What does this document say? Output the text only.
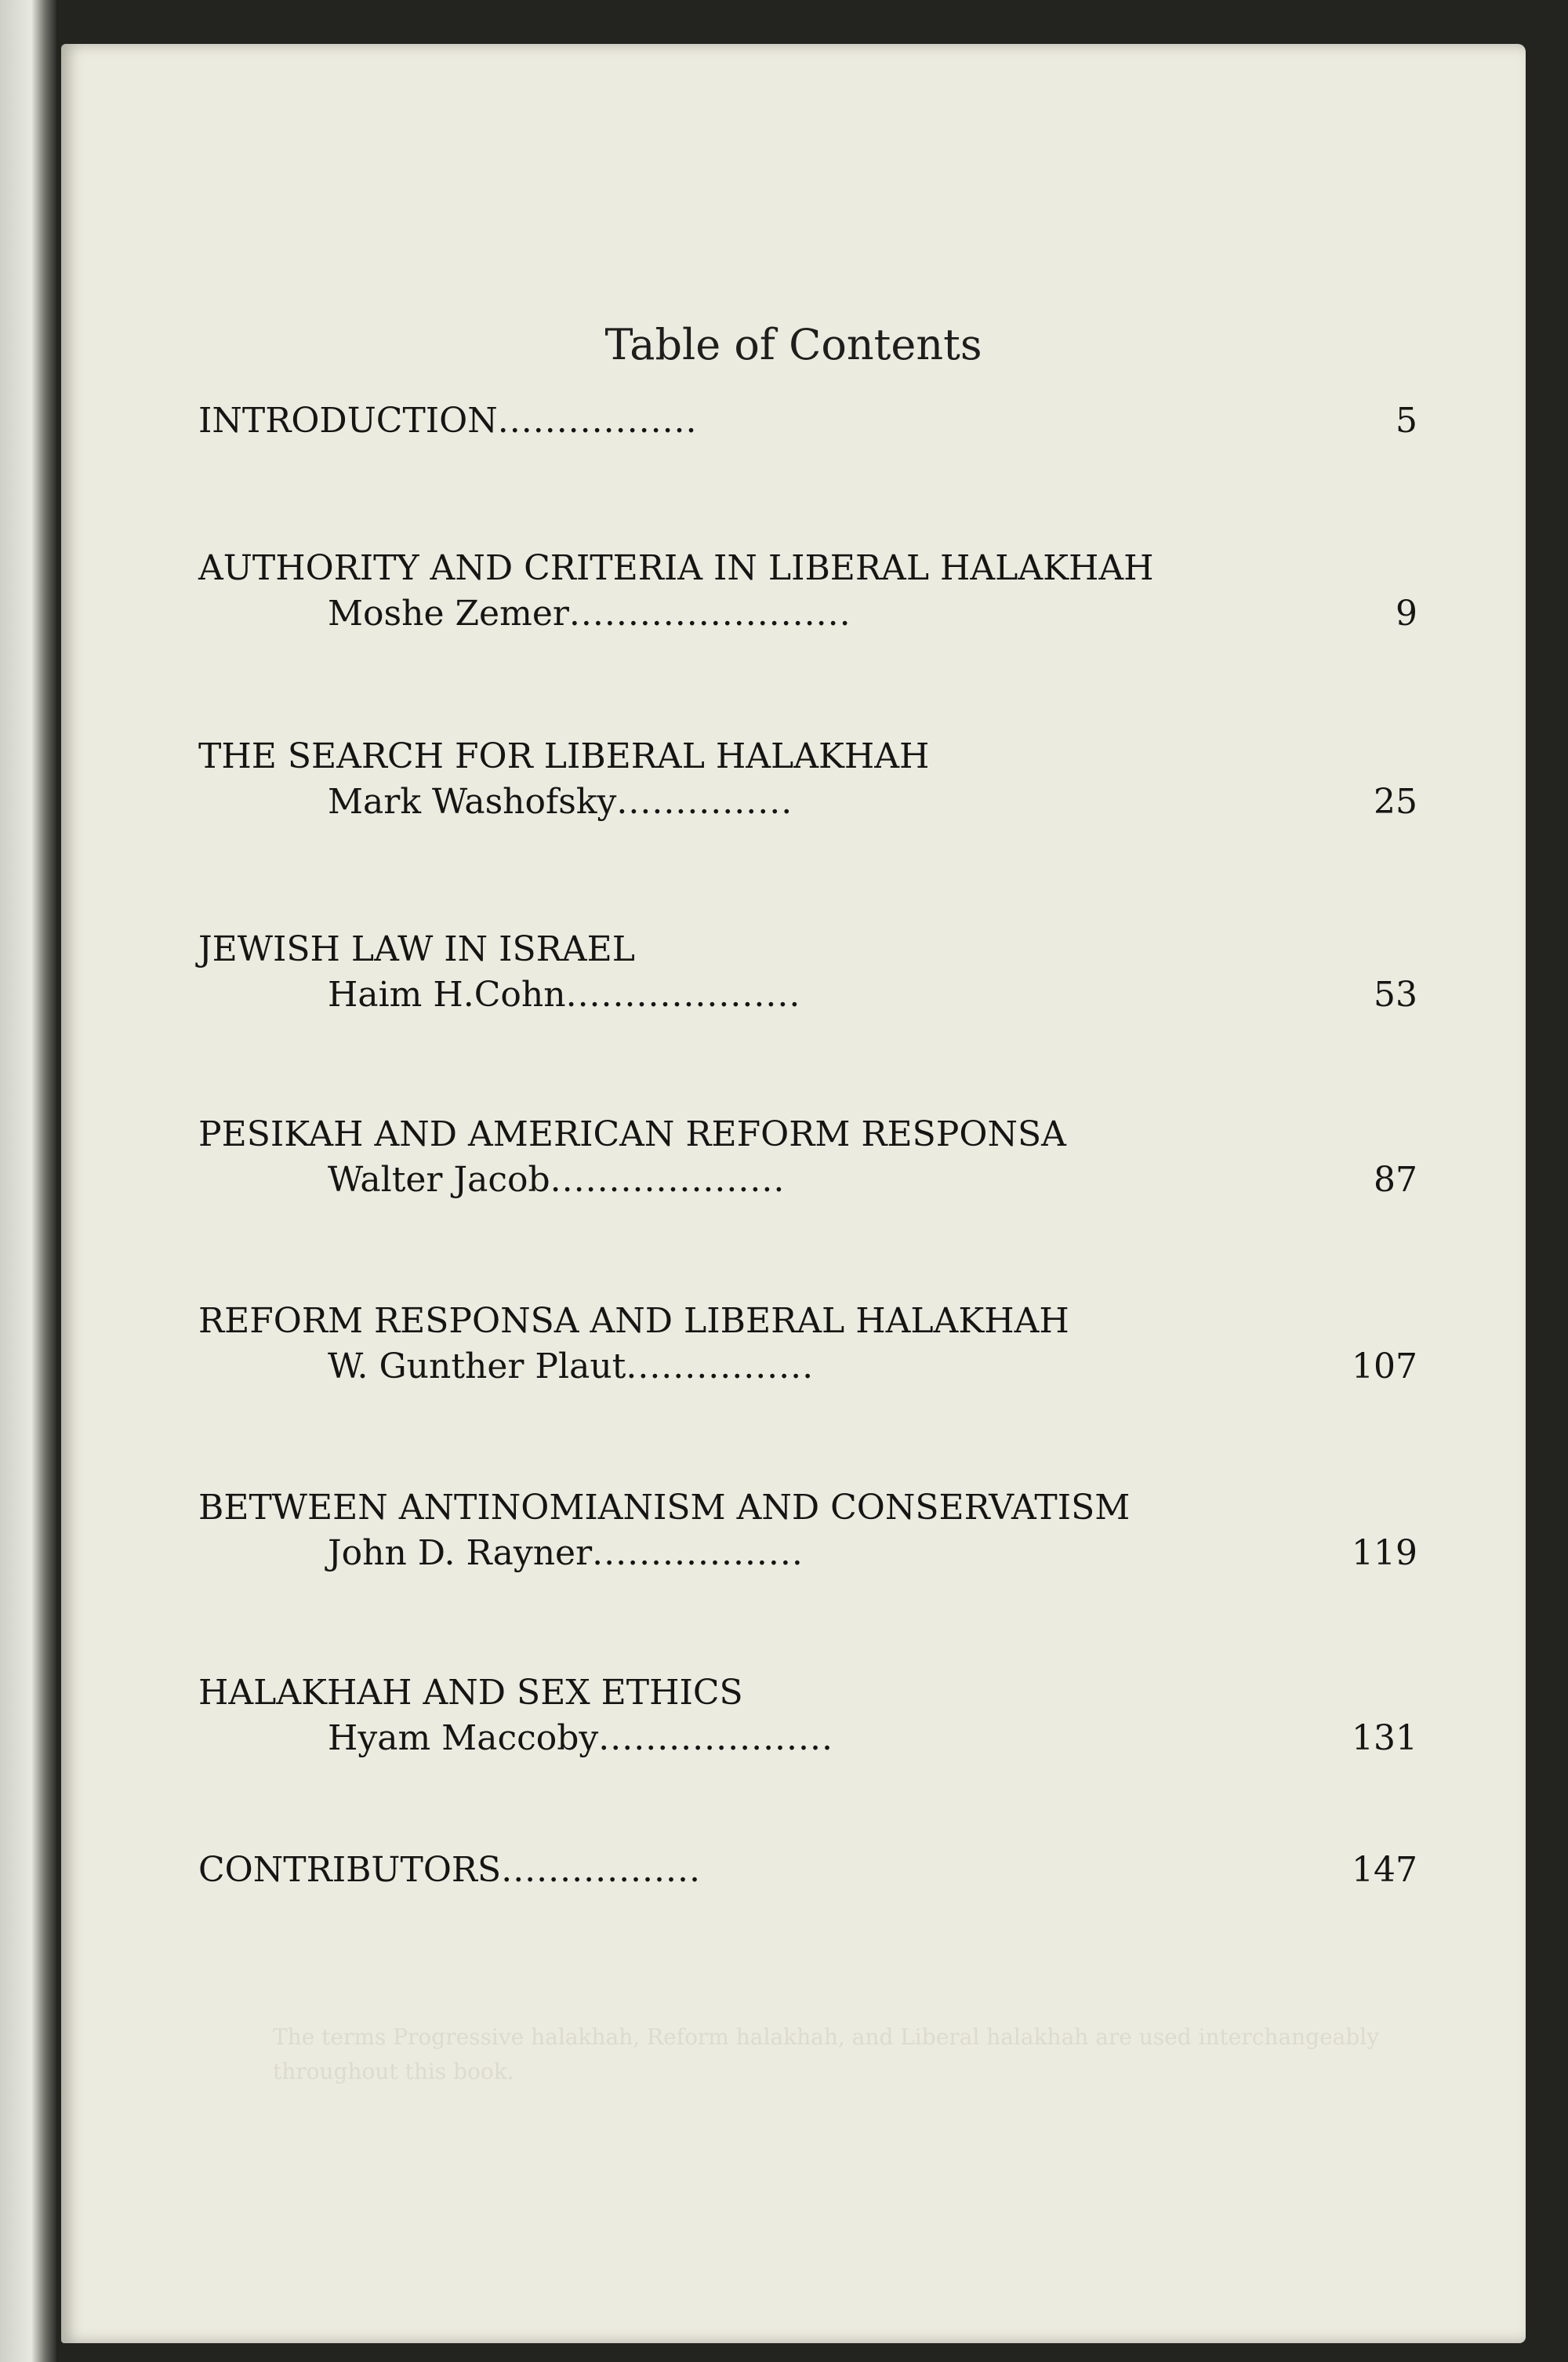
Table of Contents
INTRODUCTION.................	5
AUTHORITY AND CRITERIA IN LIBERAL HALAKHAH
Moshe Zemer........................	9
THE SEARCH FOR LIBERAL HALAKHAH
Mark Washofsky...............	25
JEWISH LAW IN ISRAEL
Haim H.Cohn....................	53
PESIKAH AND AMERICAN REFORM RESPONSA
Walter Jacob....................	87
REFORM RESPONSA AND LIBERAL HALAKHAH
W. Gunther Plaut................	107
BETWEEN ANTINOMIANISM AND CONSERVATISM
John D. Rayner..................	119
HALAKHAH AND SEX ETHICS
Hyam Maccoby....................	131
CONTRIBUTORS.................	147
The terms Progressive halakhah, Reform halakhah, and Liberal halakhah are used interchangeably throughout this book.
